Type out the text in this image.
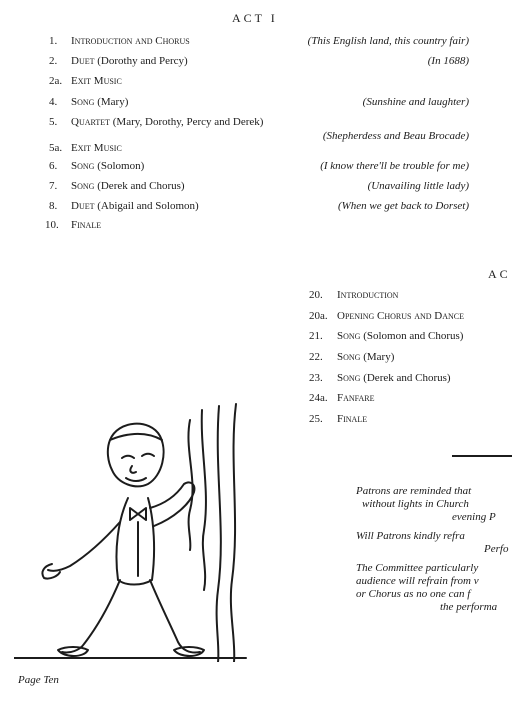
ACT I
1.	Introduction and Chorus	(This English land, this country fair)
2.	Duet (Dorothy and Percy)	(In 1688)
2a. Exit Music
4.	Song (Mary)	(Sunshine and laughter)
5.	Quartet (Mary, Dorothy, Percy and Derek)
(Shepherdess and Beau Brocade)
5a. Exit Music
6.	Song (Solomon)	(I know there'll be trouble for me)
7.	Song (Derek and Chorus)	(Unavailing little lady)
8.	Duet (Abigail and Solomon)	(When we get back to Dorset)
10.	Finale
AC
20.	Introduction
20a. Opening Chorus and Dance
21.	Song (Solomon and Chorus)
22.	Song (Mary)
23.	Song (Derek and Chorus)
24a. Fanfare
25.	Finale
Patrons are reminded that
without lights in Church
evening P
Will Patrons kindly refra
Perfo
The Committee particularly
audience will refrain from v
or Chorus as no one can f
the performa
Page Ten
